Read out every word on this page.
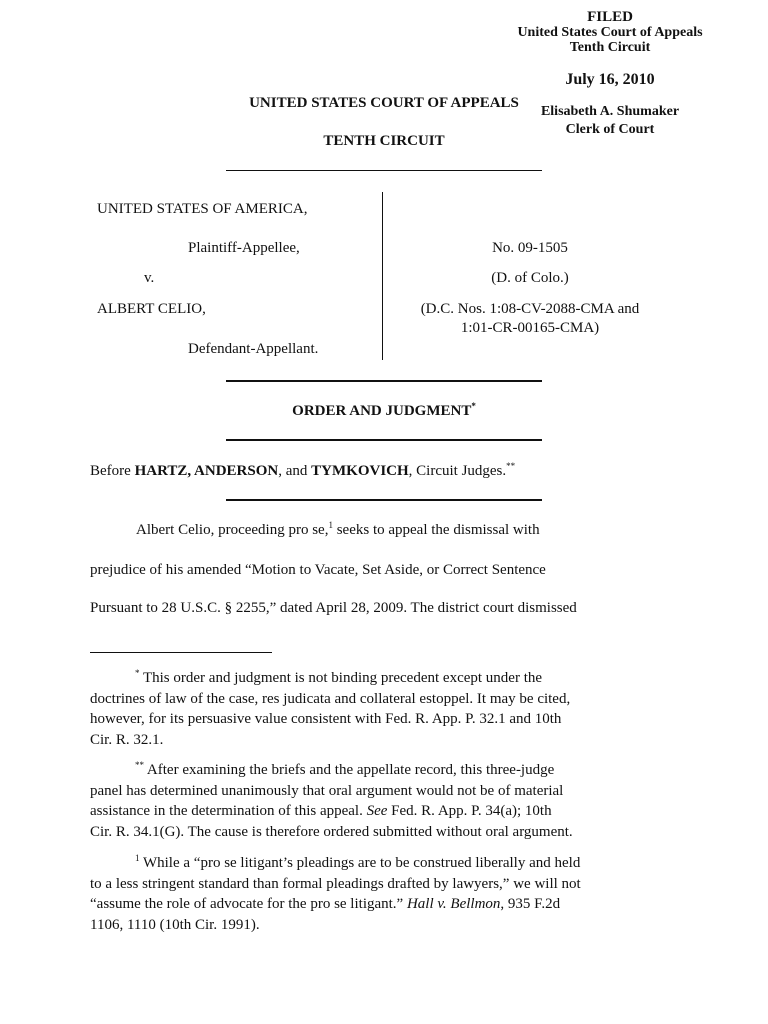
FILED
United States Court of Appeals
Tenth Circuit
July 16, 2010
Elisabeth A. Shumaker
Clerk of Court
UNITED STATES COURT OF APPEALS
TENTH CIRCUIT
UNITED STATES OF AMERICA,
Plaintiff-Appellee,
v.
ALBERT CELIO,
Defendant-Appellant.
No. 09-1505
(D. of Colo.)
(D.C. Nos. 1:08-CV-2088-CMA and
1:01-CR-00165-CMA)
ORDER AND JUDGMENT*
Before HARTZ, ANDERSON, and TYMKOVICH, Circuit Judges.**
Albert Celio, proceeding pro se,$^1$ seeks to appeal the dismissal with
prejudice of his amended “Motion to Vacate, Set Aside, or Correct Sentence
Pursuant to 28 U.S.C. § 2255,” dated April 28, 2009. The district court dismissed
* This order and judgment is not binding precedent except under the
doctrines of law of the case, res judicata and collateral estoppel. It may be cited,
however, for its persuasive value consistent with Fed. R. App. P. 32.1 and 10th
Cir. R. 32.1.
** After examining the briefs and the appellate record, this three-judge
panel has determined unanimously that oral argument would not be of material
assistance in the determination of this appeal. See Fed. R. App. P. 34(a); 10th
Cir. R. 34.1(G). The cause is therefore ordered submitted without oral argument.
$^1$ While a “pro se litigant’s pleadings are to be construed liberally and held
to a less stringent standard than formal pleadings drafted by lawyers,” we will not
“assume the role of advocate for the pro se litigant.” Hall v. Bellmon, 935 F.2d
1106, 1110 (10th Cir. 1991).
